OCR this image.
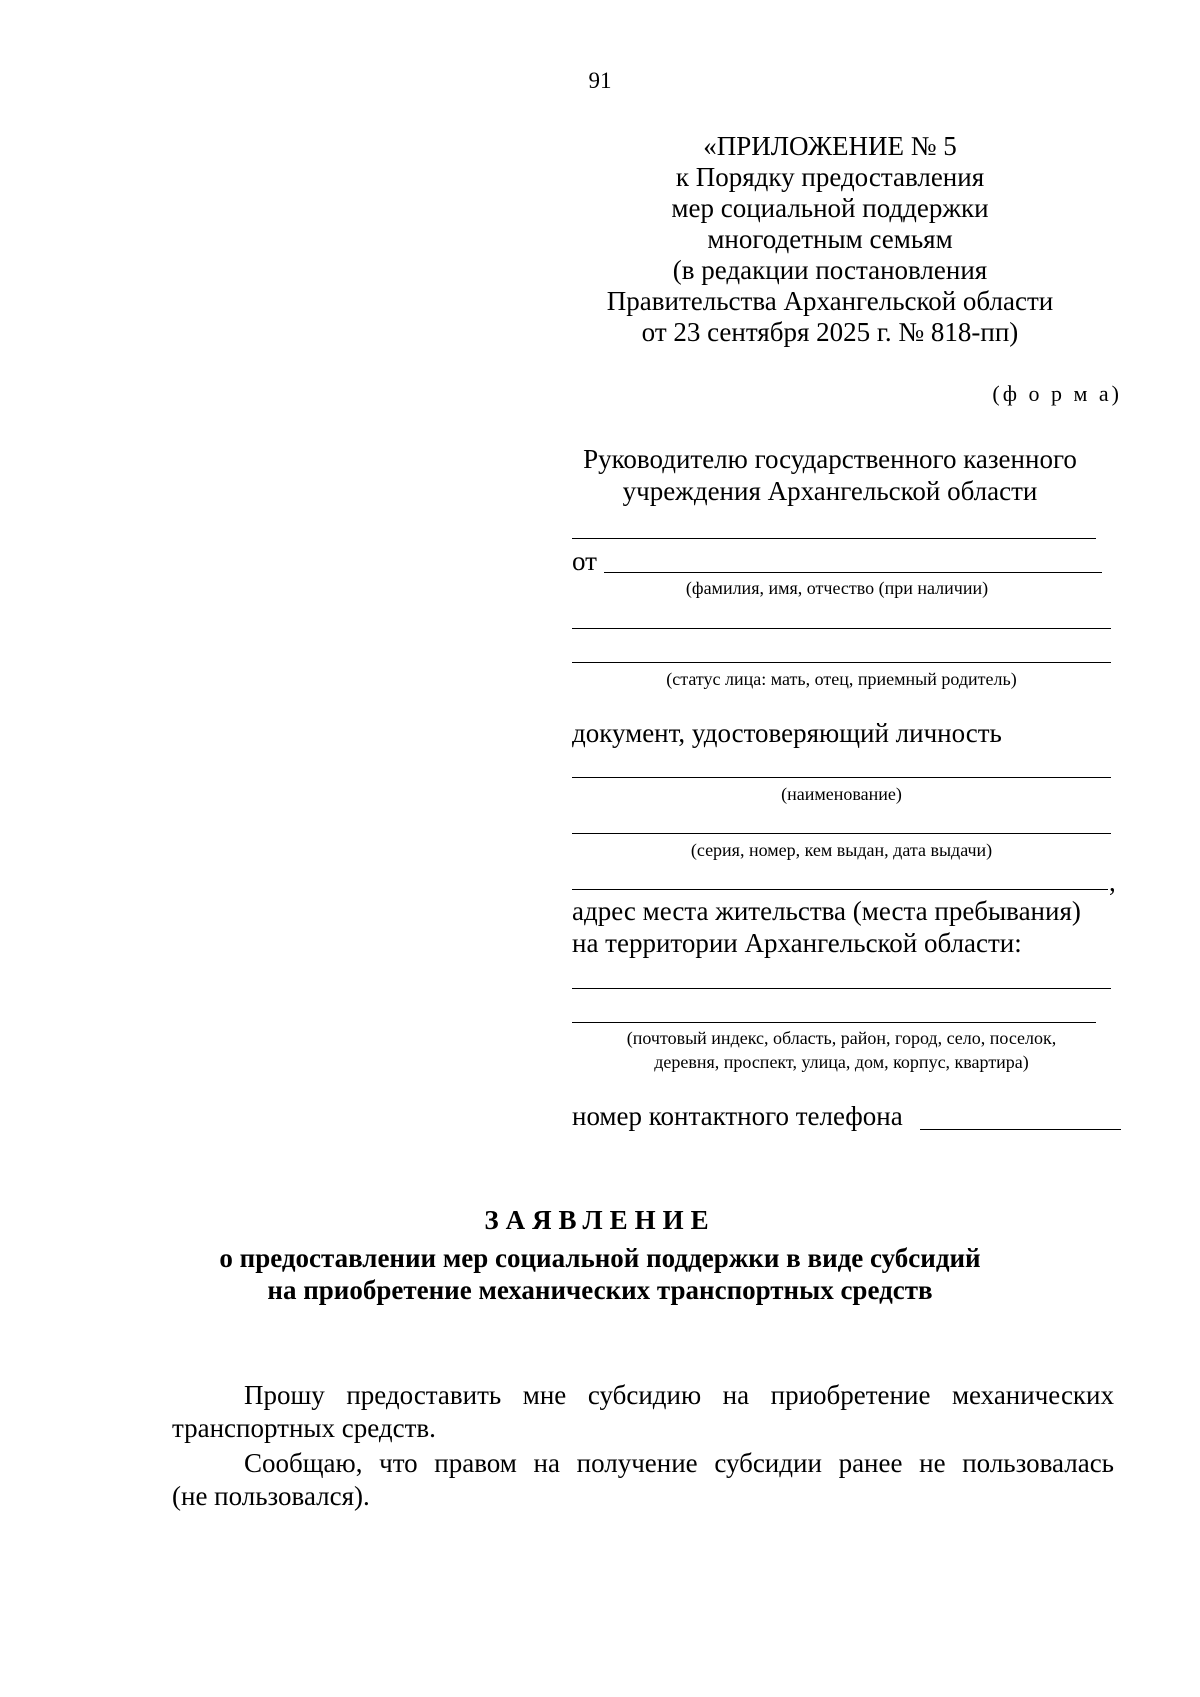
91
«ПРИЛОЖЕНИЕ № 5
к Порядку предоставления
мер социальной поддержки
многодетным семьям
(в редакции постановления
Правительства Архангельской области
от 23 сентября 2025 г. № 818-пп)
(ф о р м а)
Руководителю государственного казенного
учреждения Архангельской области
от
(фамилия, имя, отчество (при наличии)
(статус лица: мать, отец, приемный родитель)
документ, удостоверяющий личность
(наименование)
(серия, номер, кем выдан, дата выдачи)
,
адрес места жительства (места пребывания)
на территории Архангельской области:
(почтовый индекс, область, район, город, село, поселок,
деревня, проспект, улица, дом, корпус, квартира)
номер контактного телефона
ЗАЯВЛЕНИЕ
о предоставлении мер социальной поддержки в виде субсидий
на приобретение механических транспортных средств

Прошу предоставить мне субсидию на приобретение механических

транспортных средств.

Сообщаю, что правом на получение субсидии ранее не пользовалась

(не пользовался).
